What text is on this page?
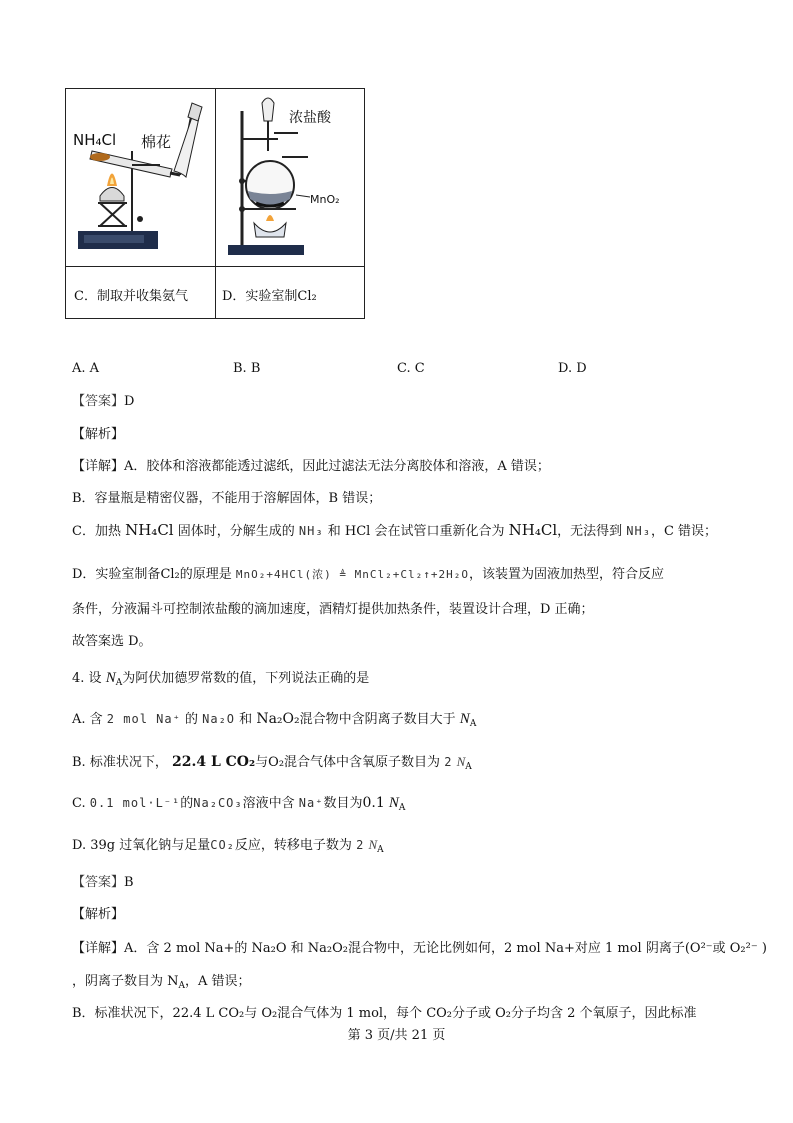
NH₄Cl 棉花
浓盐酸
MnO₂
C．制取并收集氨气	D．实验室制Cl₂
A. A	B. B	C. C	D. D
【答案】D
【解析】
【详解】A．胶体和溶液都能透过滤纸，因此过滤法无法分离胶体和溶液，A 错误；
B．容量瓶是精密仪器，不能用于溶解固体，B 错误；
C．加热 NH₄Cl 固体时，分解生成的 NH₃ 和 HCl 会在试管口重新化合为 NH₄Cl，无法得到 NH₃，C 错误；
D．实验室制备Cl₂的原理是 MnO₂+4HCl(浓) ≜ MnCl₂+Cl₂↑+2H₂O，该装置为固液加热型，符合反应
条件，分液漏斗可控制浓盐酸的滴加速度，酒精灯提供加热条件，装置设计合理，D 正确；
故答案选 D。
4. 设 $N_A$为阿伏加德罗常数的值，下列说法正确的是
A. 含 2 mol Na⁺ 的 Na₂O 和 Na₂O₂混合物中含阴离子数目大于 $N_A$
B. 标准状况下， 22.4 L CO₂与O₂混合气体中含氧原子数目为 2 $N_A$
C. 0.1 mol·L⁻¹的Na₂CO₃溶液中含 Na⁺数目为0.1 $N_A$
D. 39g 过氧化钠与足量CO₂反应，转移电子数为 2 $N_A$
【答案】B
【解析】
【详解】A．含 2 mol Na+的 Na₂O 和 Na₂O₂混合物中，无论比例如何，2 mol Na+对应 1 mol 阴离子(O²⁻或 O₂²⁻ )
，阴离子数目为 $N_A$，A 错误；
B．标准状况下，22.4 L CO₂与 O₂混合气体为 1 mol，每个 CO₂分子或 O₂分子均含 2 个氧原子，因此标准
第 3 页/共 21 页
